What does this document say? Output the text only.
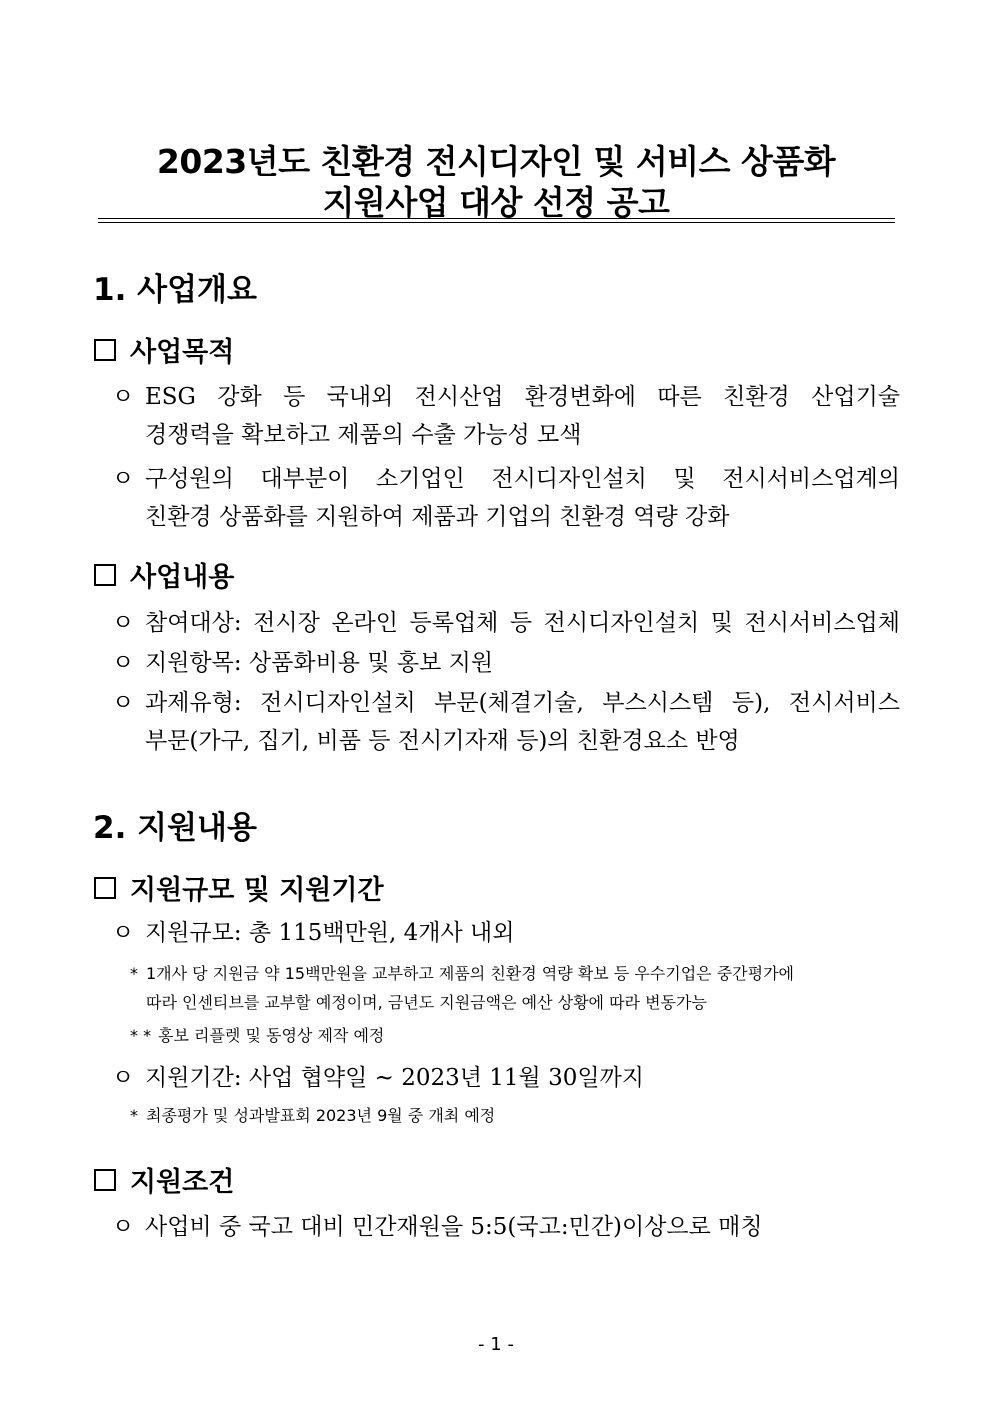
2023년도 친환경 전시디자인 및 서비스 상품화
지원사업 대상 선정 공고
1. 사업개요
사업목적
ㅇ ESG 강화 등 국내외 전시산업 환경변화에 따른 친환경 산업기술
경쟁력을 확보하고 제품의 수출 가능성 모색
ㅇ 구성원의 대부분이 소기업인 전시디자인설치 및 전시서비스업계의
친환경 상품화를 지원하여 제품과 기업의 친환경 역량 강화
사업내용
ㅇ 참여대상: 전시장 온라인 등록업체 등 전시디자인설치 및 전시서비스업체
ㅇ 지원항목: 상품화비용 및 홍보 지원
ㅇ 과제유형: 전시디자인설치 부문(체결기술, 부스시스템 등), 전시서비스
부문(가구, 집기, 비품 등 전시기자재 등)의 친환경요소 반영
2. 지원내용
지원규모 및 지원기간
ㅇ 지원규모: 총 115백만원, 4개사 내외
* 1개사 당 지원금 약 15백만원을 교부하고 제품의 친환경 역량 확보 등 우수기업은 중간평가에
따라 인센티브를 교부할 예정이며, 금년도 지원금액은 예산 상황에 따라 변동가능
* * 홍보 리플렛 및 동영상 제작 예정
ㅇ 지원기간: 사업 협약일 ~ 2023년 11월 30일까지
* 최종평가 및 성과발표회 2023년 9월 중 개최 예정
지원조건
ㅇ 사업비 중 국고 대비 민간재원을 5:5(국고:민간)이상으로 매칭
- 1 -
